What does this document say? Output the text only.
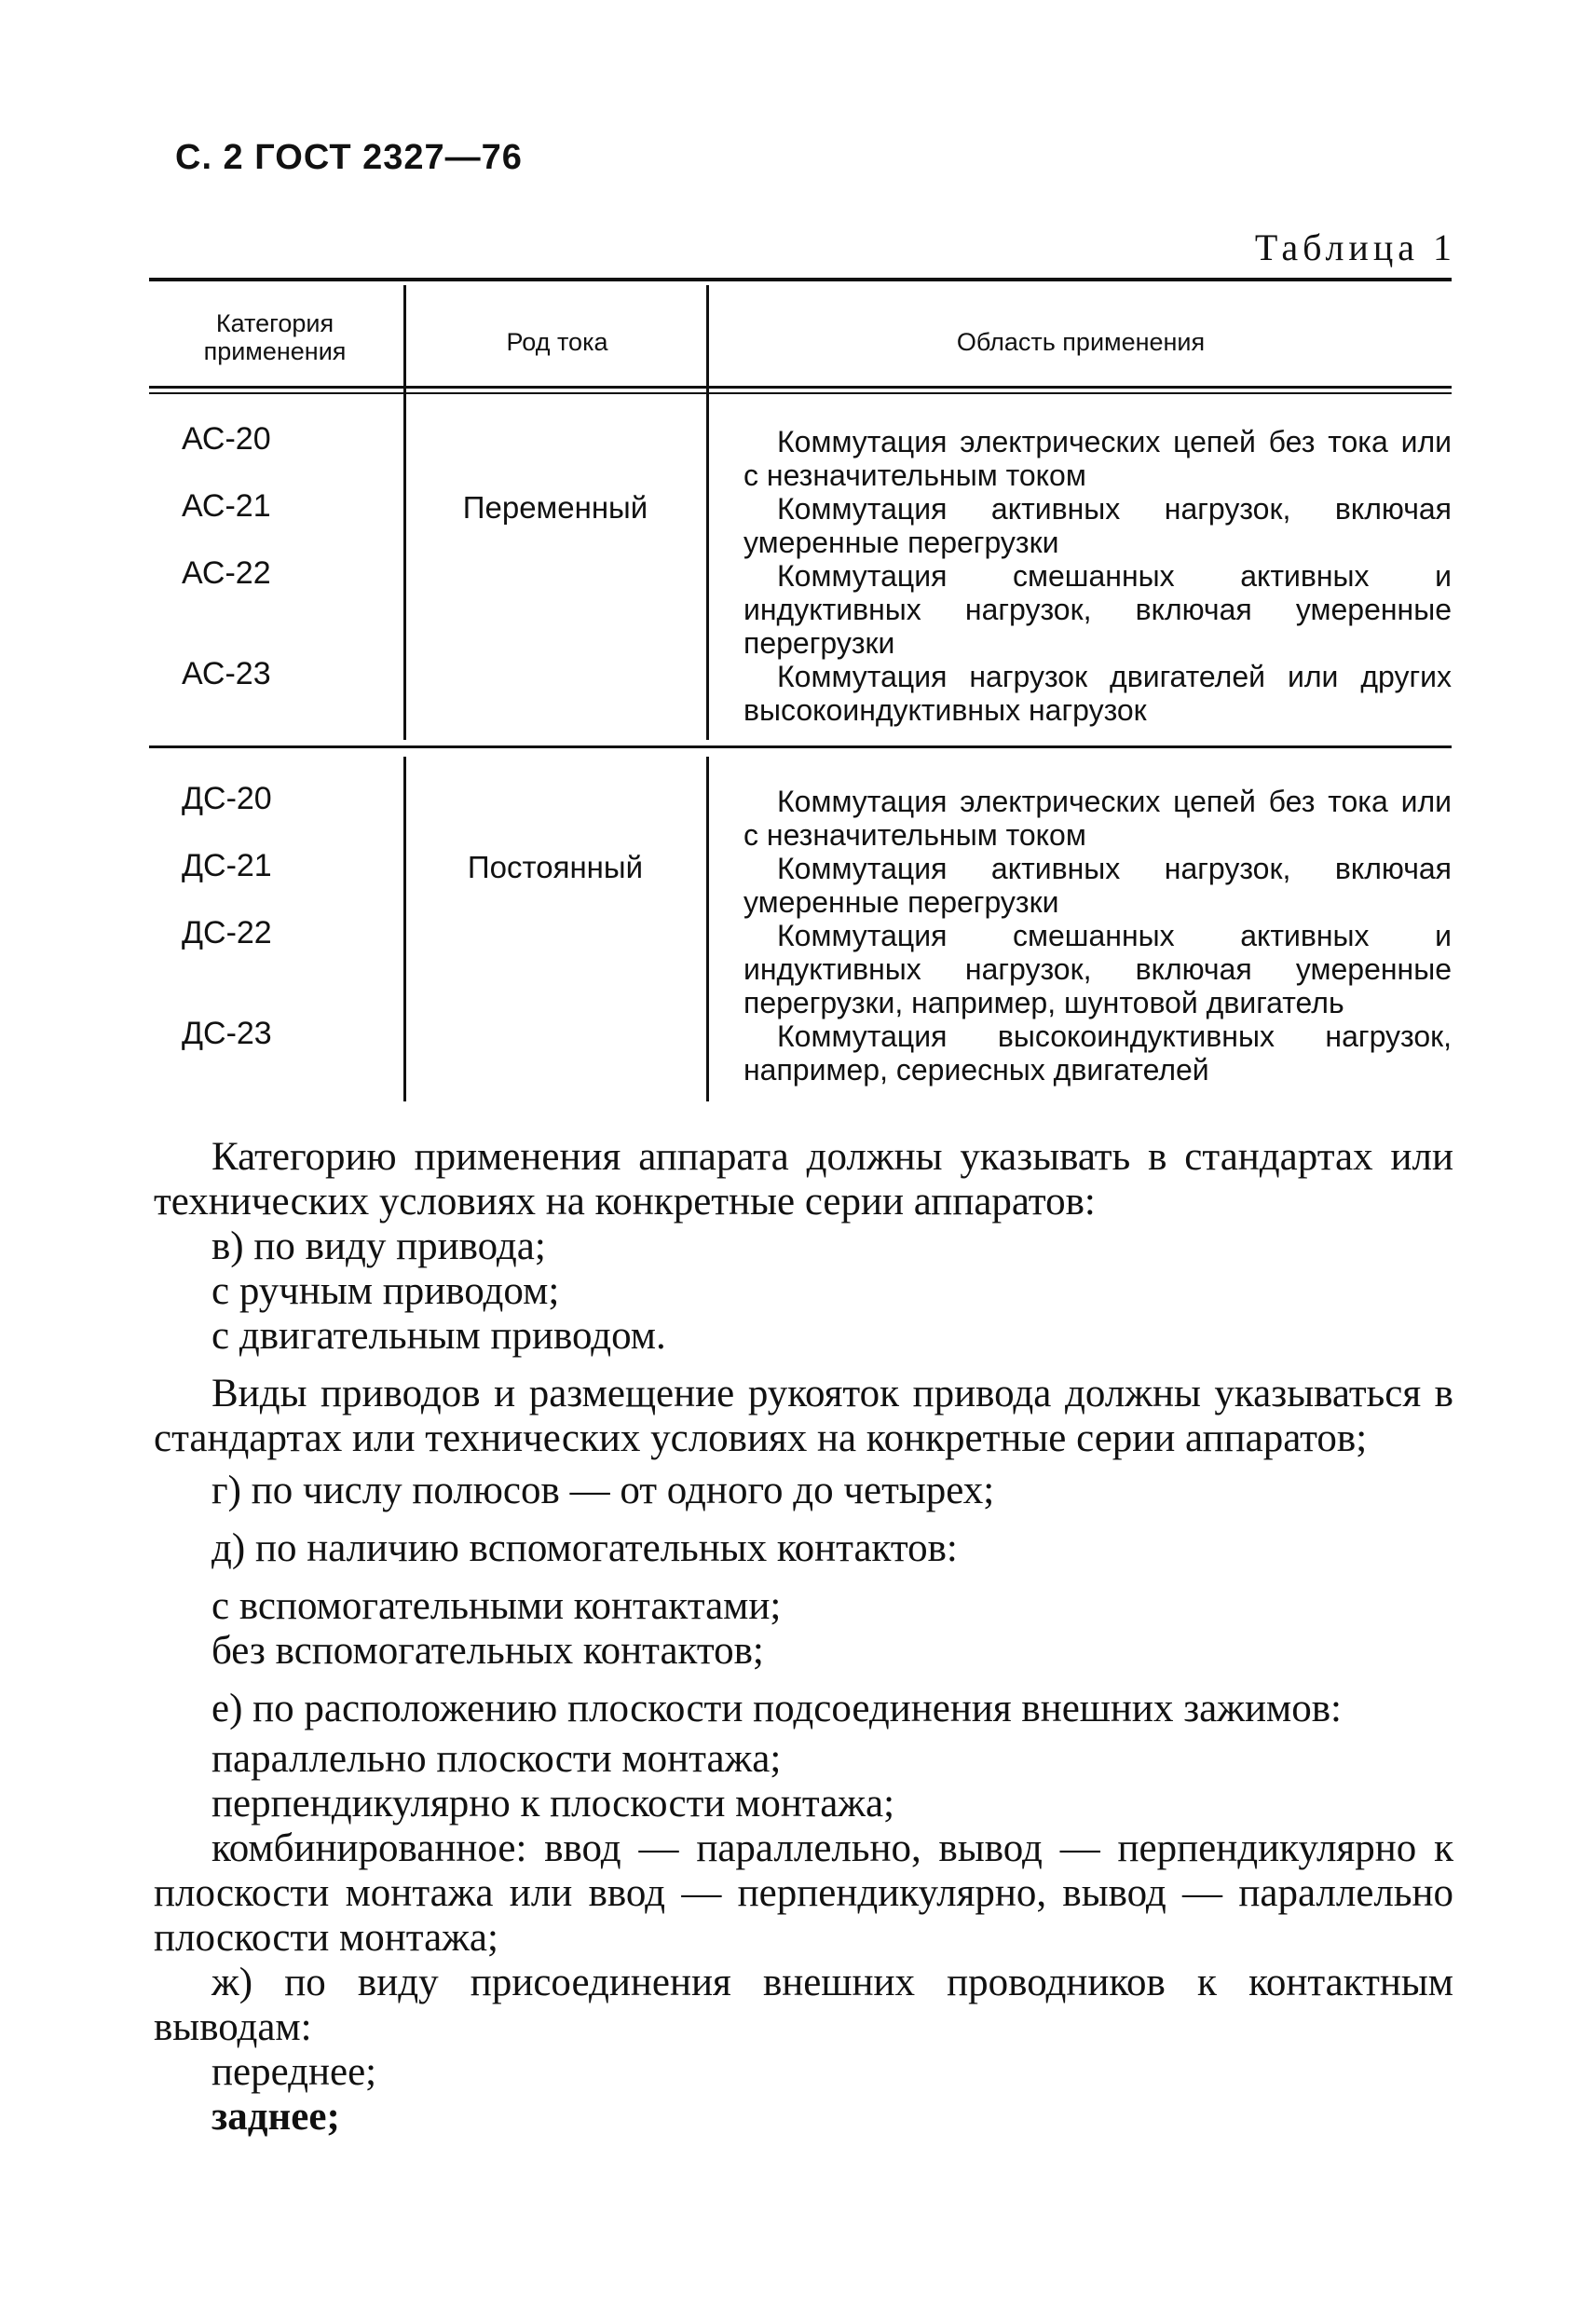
С. 2 ГОСТ 2327—76
Таблица 1
Категория применения	Род тока	Область применения
АС-20
АС-21
АС-22
АС-23
Переменный
Коммутация электрических цепей без тока или с незначительным током
Коммутация активных нагрузок, включая умеренные перегрузки
Коммутация смешанных активных и индуктивных нагрузок, включая умеренные перегрузки
Коммутация нагрузок двигателей или других высокоиндуктивных нагрузок
ДС-20
ДС-21
ДС-22
ДС-23
Постоянный
Коммутация электрических цепей без тока или с незначительным током
Коммутация активных нагрузок, включая умеренные перегрузки
Коммутация смешанных активных и индуктивных нагрузок, включая умеренные перегрузки, например, шунтовой двигатель
Коммутация высокоиндуктивных нагрузок, например, сериесных двигателей

Категорию применения аппарата должны указывать в стандартах или технических условиях на конкретные серии аппаратов:

в) по виду привода;

с ручным приводом;

с двигательным приводом.

Виды приводов и размещение рукояток привода должны указываться в стандартах или технических условиях на конкретные серии аппаратов;

г) по числу полюсов — от одного до четырех;

д) по наличию вспомогательных контактов:

с вспомогательными контактами;

без вспомогательных контактов;

е) по расположению плоскости подсоединения внешних зажимов:

параллельно плоскости монтажа;

перпендикулярно к плоскости монтажа;

комбинированное: ввод — параллельно, вывод — перпендикулярно к плоскости монтажа или ввод — перпендикулярно, вывод — параллельно плоскости монтажа;

ж) по виду присоединения внешних проводников к контактным выводам:

переднее;

заднее;
